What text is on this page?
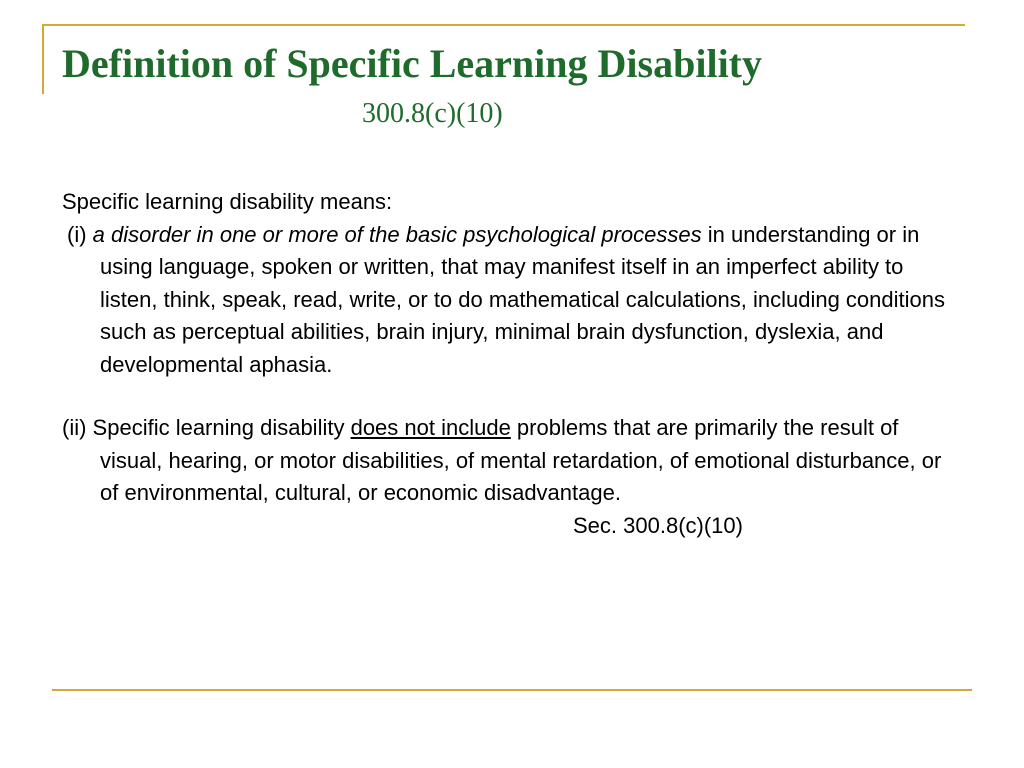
Definition of Specific Learning Disability
300.8(c)(10)

Specific learning disability means:

(i) a disorder in one or more of the basic psychological processes in understanding or in using language, spoken or written, that may manifest itself in an imperfect ability to listen, think, speak, read, write, or to do mathematical calculations, including conditions such as perceptual abilities, brain injury, minimal brain dysfunction, dyslexia, and developmental aphasia.

(ii) Specific learning disability does not include problems that are primarily the result of visual, hearing, or motor disabilities, of mental retardation, of emotional disturbance, or of environmental, cultural, or economic disadvantage.

Sec. 300.8(c)(10)
